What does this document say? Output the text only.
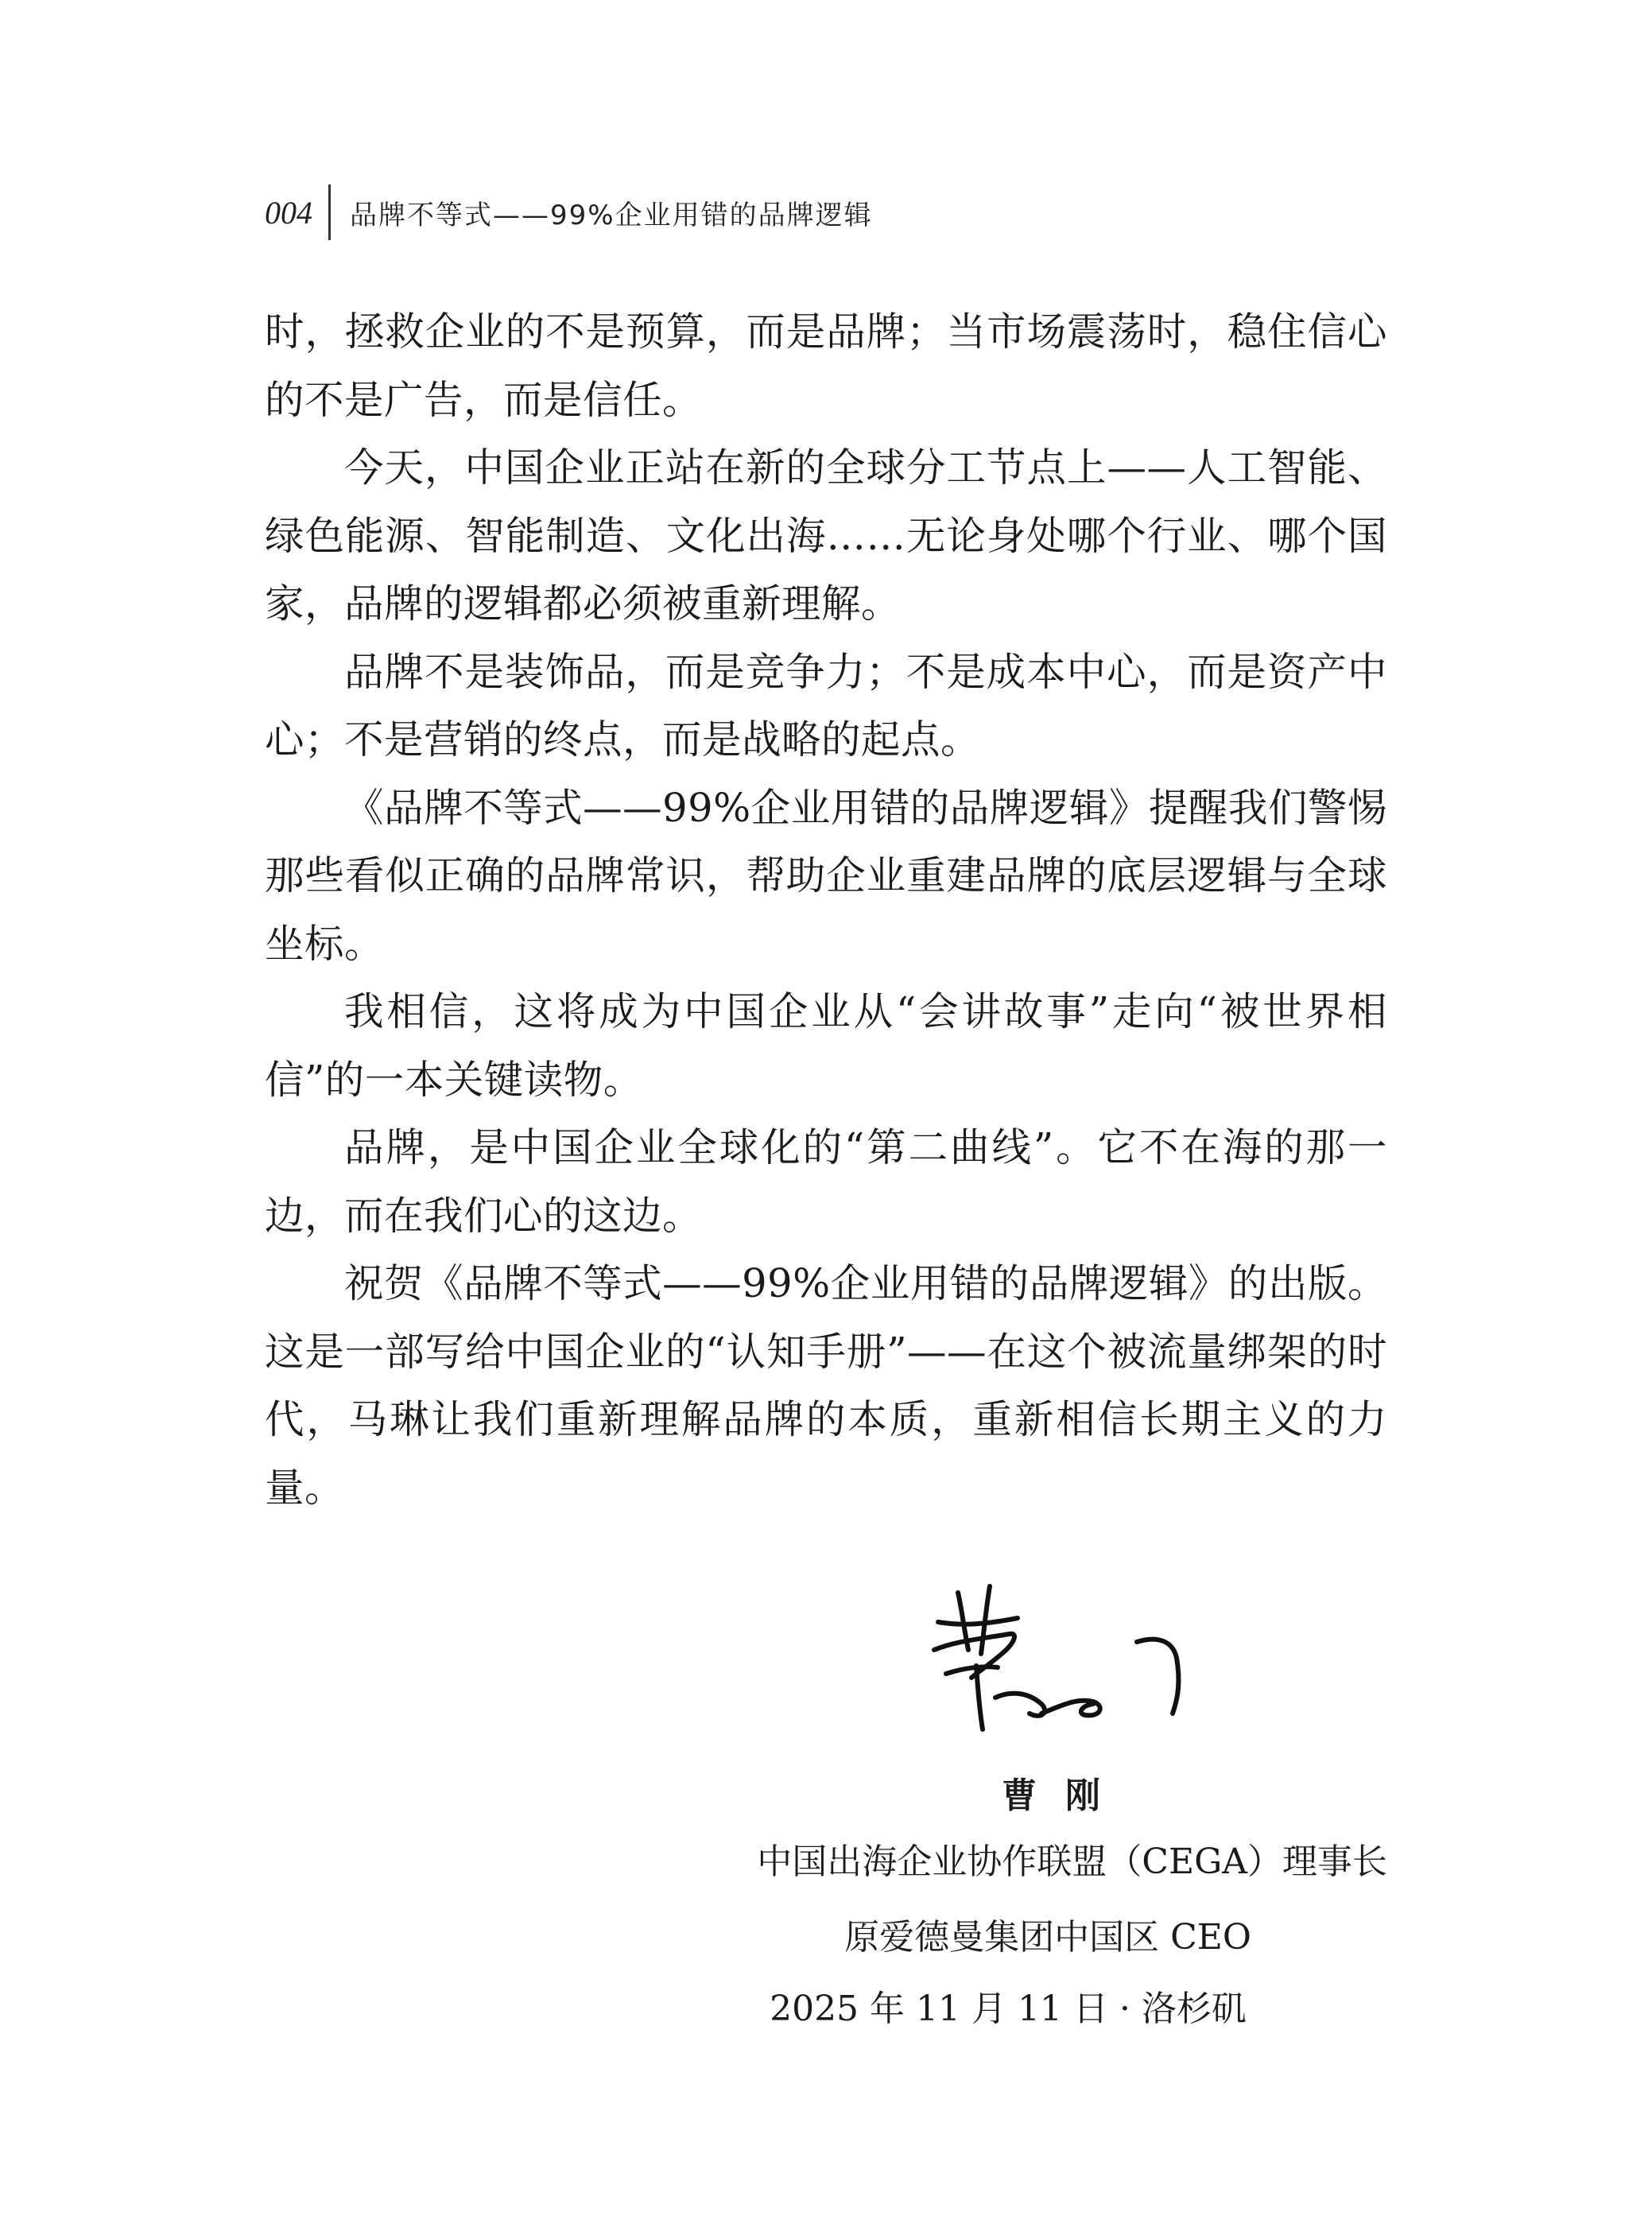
004 品牌不等式——99%企业用错的品牌逻辑

时，拯救企业的不是预算，而是品牌；当市场震荡时，稳住信心的不是广告，而是信任。

今天，中国企业正站在新的全球分工节点上——人工智能、绿色能源、智能制造、文化出海……无论身处哪个行业、哪个国家，品牌的逻辑都必须被重新理解。

品牌不是装饰品，而是竞争力；不是成本中心，而是资产中心；不是营销的终点，而是战略的起点。

《品牌不等式——99%企业用错的品牌逻辑》提醒我们警惕那些看似正确的品牌常识，帮助企业重建品牌的底层逻辑与全球坐标。

我相信，这将成为中国企业从“会讲故事”走向“被世界相信”的一本关键读物。

品牌，是中国企业全球化的“第二曲线”。它不在海的那一边，而在我们心的这边。

祝贺《品牌不等式——99%企业用错的品牌逻辑》的出版。这是一部写给中国企业的“认知手册”——在这个被流量绑架的时代，马琳让我们重新理解品牌的本质，重新相信长期主义的力量。

曹刚
中国出海企业协作联盟（CEGA）理事长
原爱德曼集团中国区 CEO
2025 年 11 月 11 日 · 洛杉矶
